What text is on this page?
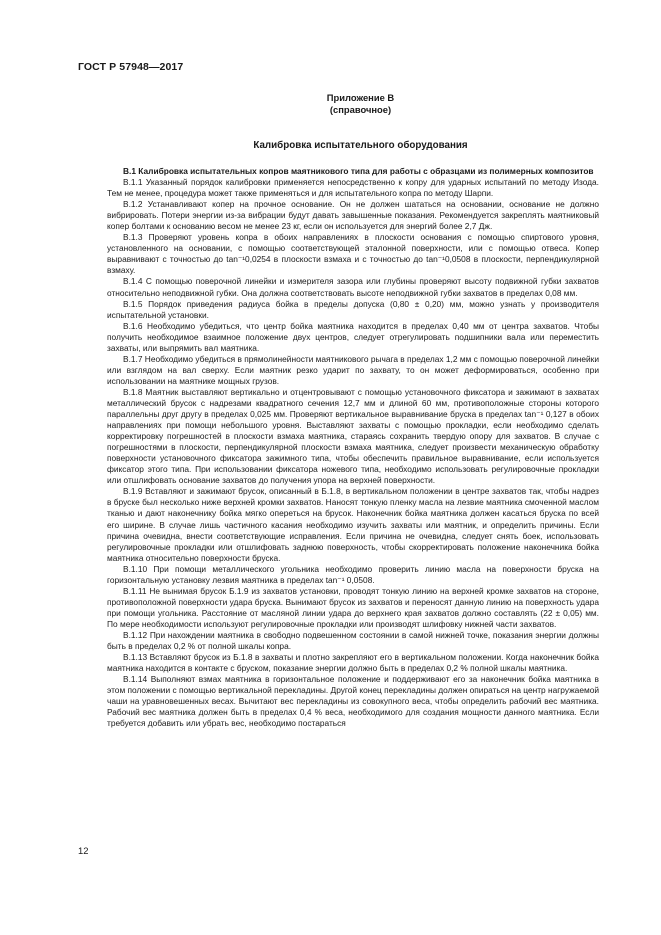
ГОСТ Р 57948—2017
Приложение В
(справочное)
Калибровка испытательного оборудования

В.1 Калибровка испытательных копров маятникового типа для работы с образцами из полимерных композитов

В.1.1 Указанный порядок калибровки применяется непосредственно к копру для ударных испытаний по методу Изода. Тем не менее, процедура может также применяться и для испытательного копра по методу Шарпи.

В.1.2 Устанавливают копер на прочное основание. Он не должен шататься на основании, основание не должно вибрировать. Потери энергии из-за вибрации будут давать завышенные показания. Рекомендуется закреплять маятниковый копер болтами к основанию весом не менее 23 кг, если он используется для энергий более 2,7 Дж.

В.1.3 Проверяют уровень копра в обоих направлениях в плоскости основания с помощью спиртового уровня, установленного на основании, с помощью соответствующей эталонной поверхности, или с помощью отвеса. Копер выравнивают с точностью до tan⁻¹0,0254 в плоскости взмаха и с точностью до tan⁻¹0,0508 в плоскости, перпендикулярной взмаху.

В.1.4 С помощью поверочной линейки и измерителя зазора или глубины проверяют высоту подвижной губки захватов относительно неподвижной губки. Она должна соответствовать высоте неподвижной губки захватов в пределах 0,08 мм.

В.1.5 Порядок приведения радиуса бойка в пределы допуска (0,80 ± 0,20) мм, можно узнать у производителя испытательной установки.

В.1.6 Необходимо убедиться, что центр бойка маятника находится в пределах 0,40 мм от центра захватов. Чтобы получить необходимое взаимное положение двух центров, следует отрегулировать подшипники вала или переместить захваты, или выпрямить вал маятника.

В.1.7 Необходимо убедиться в прямолинейности маятникового рычага в пределах 1,2 мм с помощью поверочной линейки или взглядом на вал сверху. Если маятник резко ударит по захвату, то он может деформироваться, особенно при использовании на маятнике мощных грузов.

В.1.8 Маятник выставляют вертикально и отцентровывают с помощью установочного фиксатора и зажимают в захватах металлический брусок с надрезами квадратного сечения 12,7 мм и длиной 60 мм, противоположные стороны которого параллельны друг другу в пределах 0,025 мм. Проверяют вертикальное выравнивание бруска в пределах tan⁻¹ 0,127 в обоих направлениях при помощи небольшого уровня. Выставляют захваты с помощью прокладки, если необходимо сделать корректировку погрешностей в плоскости взмаха маятника, стараясь сохранить твердую опору для захватов. В случае с погрешностями в плоскости, перпендикулярной плоскости взмаха маятника, следует произвести механическую обработку поверхности установочного фиксатора зажимного типа, чтобы обеспечить правильное выравнивание, если используется фиксатор этого типа. При использовании фиксатора ножевого типа, необходимо использовать регулировочные прокладки или отшлифовать основание захватов до получения упора на верхней поверхности.

В.1.9 Вставляют и зажимают брусок, описанный в Б.1.8, в вертикальном положении в центре захватов так, чтобы надрез в бруске был несколько ниже верхней кромки захватов. Наносят тонкую пленку масла на лезвие маятника смоченной маслом тканью и дают наконечнику бойка мягко опереться на брусок. Наконечник бойка маятника должен касаться бруска по всей его ширине. В случае лишь частичного касания необходимо изучить захваты или маятник, и определить причины. Если причина очевидна, внести соответствующие исправления. Если причина не очевидна, следует снять боек, использовать регулировочные прокладки или отшлифовать заднюю поверхность, чтобы скорректировать положение наконечника бойка маятника относительно поверхности бруска.

В.1.10 При помощи металлического угольника необходимо проверить линию масла на поверхности бруска на горизонтальную установку лезвия маятника в пределах tan⁻¹ 0,0508.

В.1.11 Не вынимая брусок Б.1.9 из захватов установки, проводят тонкую линию на верхней кромке захватов на стороне, противоположной поверхности удара бруска. Вынимают брусок из захватов и переносят данную линию на поверхность удара при помощи угольника. Расстояние от масляной линии удара до верхнего края захватов должно составлять (22 ± 0,05) мм. По мере необходимости используют регулировочные прокладки или производят шлифовку нижней части захватов.

В.1.12 При нахождении маятника в свободно подвешенном состоянии в самой нижней точке, показания энергии должны быть в пределах 0,2 % от полной шкалы копра.

В.1.13 Вставляют брусок из Б.1.8 в захваты и плотно закрепляют его в вертикальном положении. Когда наконечник бойка маятника находится в контакте с бруском, показание энергии должно быть в пределах 0,2 % полной шкалы маятника.

В.1.14 Выполняют взмах маятника в горизонтальное положение и поддерживают его за наконечник бойка маятника в этом положении с помощью вертикальной перекладины. Другой конец перекладины должен опираться на центр нагружаемой чаши на уравновешенных весах. Вычитают вес перекладины из совокупного веса, чтобы определить рабочий вес маятника. Рабочий вес маятника должен быть в пределах 0,4 % веса, необходимого для создания мощности данного маятника. Если требуется добавить или убрать вес, необходимо постараться

12
